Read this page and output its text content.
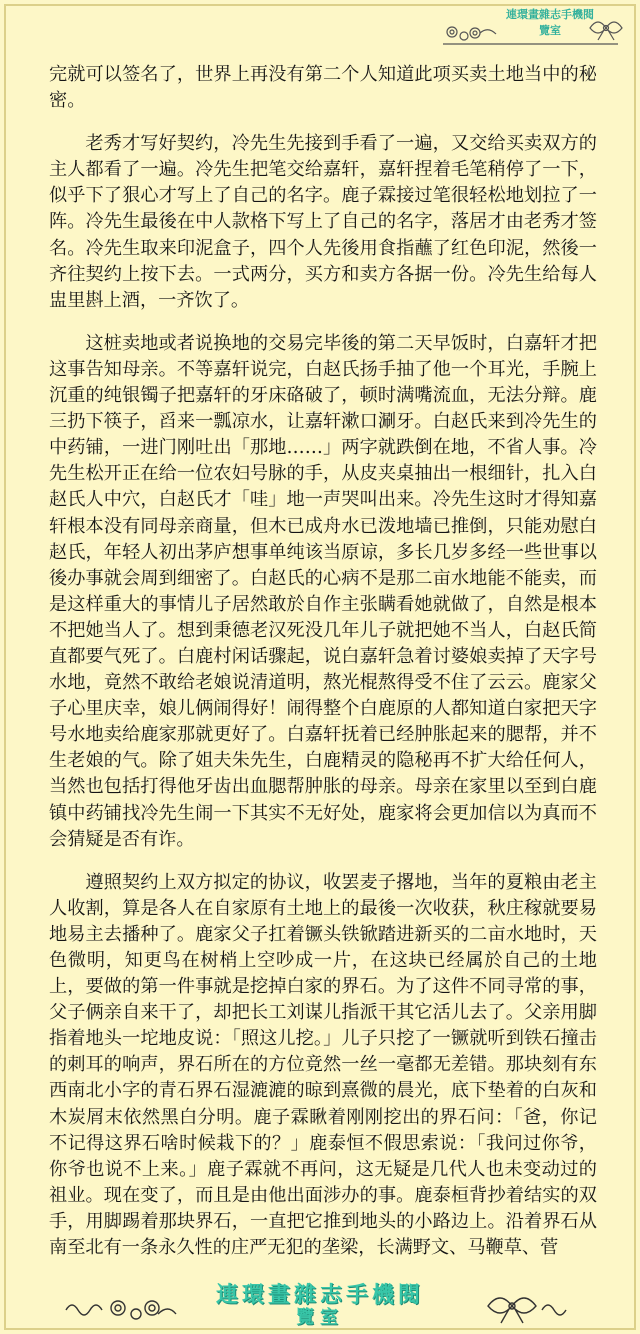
連環畫雜志手機閱
覽室

完就可以签名了，世界上再没有第二个人知道此项买卖土地当中的秘密。

老秀才写好契约，冷先生先接到手看了一遍，又交给买卖双方的主人都看了一遍。冷先生把笔交给嘉轩，嘉轩捏着毛笔稍停了一下，似乎下了狠心才写上了自己的名字。鹿子霖接过笔很轻松地划拉了一阵。冷先生最後在中人款格下写上了自己的名字，落居才由老秀才签名。冷先生取来印泥盒子，四个人先後用食指蘸了红色印泥，然後一齐往契约上按下去。一式两分，买方和卖方各据一份。冷先生给每人盅里斟上酒，一齐饮了。

这桩卖地或者说换地的交易完毕後的第二天早饭时，白嘉轩才把这事告知母亲。不等嘉轩说完，白赵氏扬手抽了他一个耳光，手腕上沉重的纯银镯子把嘉轩的牙床硌破了，顿时满嘴流血，无法分辩。鹿三扔下筷子，舀来一瓢凉水，让嘉轩漱口涮牙。白赵氏来到冷先生的中药铺，一进门刚吐出「那地……」两字就跌倒在地，不省人事。冷先生松开正在给一位农妇号脉的手，从皮夹桌抽出一根细针，扎入白赵氏人中穴，白赵氏才「哇」地一声哭叫出来。冷先生这时才得知嘉轩根本没有同母亲商量，但木已成舟水已泼地墙已推倒，只能劝慰白赵氏，年轻人初出茅庐想事单纯该当原谅，多长几岁多经一些世事以後办事就会周到细密了。白赵氏的心病不是那二亩水地能不能卖，而是这样重大的事情儿子居然敢於自作主张瞒看她就做了，自然是根本不把她当人了。想到秉德老汉死没几年儿子就把她不当人，白赵氏简直都要气死了。白鹿村闲话骤起，说白嘉轩急着讨婆娘卖掉了天字号水地，竟然不敢给老娘说清道明，熬光棍熬得受不住了云云。鹿家父子心里庆幸，娘儿俩闹得好！闹得整个白鹿原的人都知道白家把天字号水地卖给鹿家那就更好了。白嘉轩抚着已经肿胀起来的腮帮，并不生老娘的气。除了姐夫朱先生，白鹿精灵的隐秘再不扩大给任何人，当然也包括打得他牙齿出血腮帮肿胀的母亲。母亲在家里以至到白鹿镇中药铺找冷先生闹一下其实不无好处，鹿家将会更加信以为真而不会猜疑是否有诈。

遵照契约上双方拟定的协议，收罢麦子撂地，当年的夏粮由老主人收割，算是各人在自家原有土地上的最後一次收获，秋庄稼就要易地易主去播种了。鹿家父子扛着镢头铁锨踏进新买的二亩水地时，天色微明，知更鸟在树梢上空吵成一片，在这块已经属於自己的土地上，要做的第一件事就是挖掉白家的界石。为了这件不同寻常的事，父子俩亲自来干了，却把长工刘谋儿指派干其它活儿去了。父亲用脚指着地头一坨地皮说：「照这儿挖。」儿子只挖了一镢就听到铁石撞击的刺耳的响声，界石所在的方位竟然一丝一毫都无差错。那块刻有东西南北小字的青石界石湿漉漉的晾到熹微的晨光，底下垫着的白灰和木炭屑末依然黑白分明。鹿子霖瞅着刚刚挖出的界石问：「爸，你记不记得这界石啥时候栽下的？」鹿泰恒不假思索说：「我问过你爷，你爷也说不上来。」鹿子霖就不再问，这无疑是几代人也未变动过的祖业。现在变了，而且是由他出面涉办的事。鹿泰桓背抄着结实的双手，用脚踢着那块界石，一直把它推到地头的小路边上。沿着界石从南至北有一条永久性的庄严无犯的垄梁，长满野文、马鞭草、菅

連環畫雜志手機閱
覽室
